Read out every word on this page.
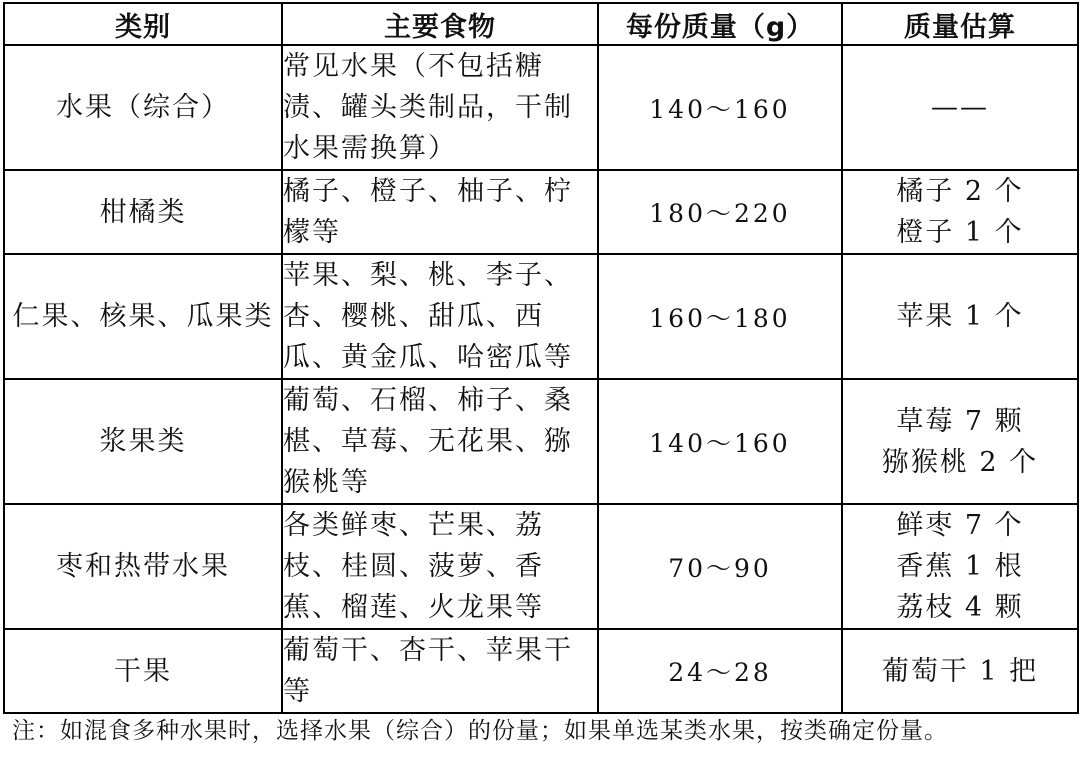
类别	主要食物	每份质量（g）	质量估算
水果（综合）	常见水果（不包括糖渍、罐头类制品，干制水果需换算）	140～160	——

柑橘类	橘子、橙子、柚子、柠檬等	180～220	橘子 2 个
橙子 1 个

仁果、核果、瓜果类	苹果、梨、桃、李子、杏、樱桃、甜瓜、西瓜、黄金瓜、哈密瓜等	160～180	苹果 1 个

浆果类	葡萄、石榴、柿子、桑椹、草莓、无花果、猕猴桃等	140～160	草莓 7 颗
猕猴桃 2 个

枣和热带水果	各类鲜枣、芒果、荔枝、桂圆、菠萝、香蕉、榴莲、火龙果等	70～90	鲜枣 7 个
香蕉 1 根
荔枝 4 颗

干果	葡萄干、杏干、苹果干等	24～28	葡萄干 1 把
注：如混食多种水果时，选择水果（综合）的份量；如果单选某类水果，按类确定份量。
